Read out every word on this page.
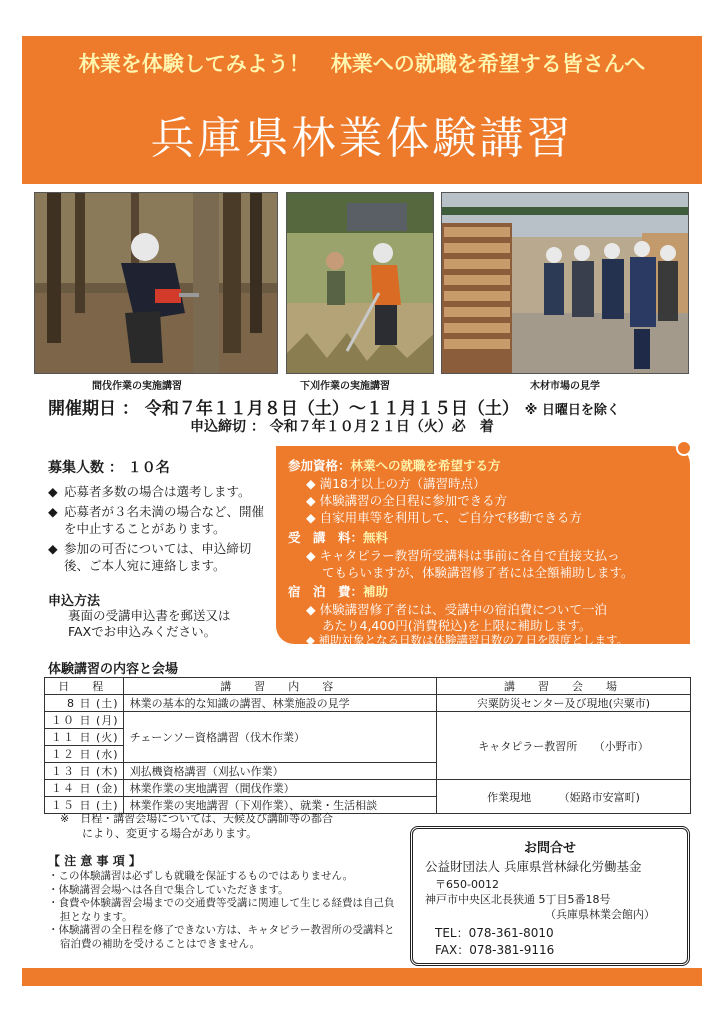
林業を体験してみよう！　林業への就職を希望する皆さんへ
兵庫県林業体験講習
間伐作業の実施講習	下刈作業の実施講習	木材市場の見学
開催期日 ： 令和７年１１月８日（土）～１１月１５日（土） ※ 日曜日を除く
申込締切 ： 令和７年１０月２１日（火）必　着
募集人数 ： １０名
◆ 応募者多数の場合は選考します。
◆ 応募者が３名未満の場合など、開催を中止することがあります。
◆ 参加の可否については、申込締切後、ご本人宛に連絡します。
申込方法
裏面の受講申込書を郵送又は
FAXでお申込みください。
参加資格：林業への就職を希望する方
◆ 満18才以上の方（講習時点）
◆ 体験講習の全日程に参加できる方
◆ 自家用車等を利用して、ご自分で移動できる方
受　講　料：無料
◆ キャタピラー教習所受講料は事前に各自で直接支払っ
てもらいますが、体験講習修了者には全額補助します。
宿　泊　費：補助
◆ 体験講習修了者には、受講中の宿泊費について一泊
あたり4,400円(消費税込)を上限に補助します。
◆ 補助対象となる日数は体験講習日数の７日を限度とします。
体験講習の内容と会場
日　程	講　習　内　容	講　習　会　場
8 日 (土)	林業の基本的な知識の講習、林業施設の見学	宍粟防災センター及び現地(宍粟市)
１０ 日 (月)	チェーンソー資格講習（伐木作業）	キャタピラー教習所　　（小野市）
１１ 日 (火)		
１２ 日 (水)		
１３ 日 (木)	刈払機資格講習（刈払い作業）	
１４ 日 (金)	林業作業の実地講習（間伐作業）	作業現地　　　（姫路市安富町)
１５ 日 (土)	林業作業の実地講習（下刈作業）、就業・生活相談	
※　日程・講習会場については、天候及び講師等の都合
により、変更する場合があります。
【 注 意 事 項 】
・この体験講習は必ずしも就職を保証するものではありません。
・体験講習会場へは各自で集合していただきます。
・食費や体験講習会場までの交通費等受講に関連して生じる経費は自己負担となります。
・体験講習の全日程を修了できない方は、キャタピラー教習所の受講料と宿泊費の補助を受けることはできません。
お問合せ
公益財団法人 兵庫県営林緑化労働基金
〒650-0012
神戸市中央区北長狭通 5丁目5番18号
（兵庫県林業会館内）
TEL：078-361-8010
FAX：078-381-9116
